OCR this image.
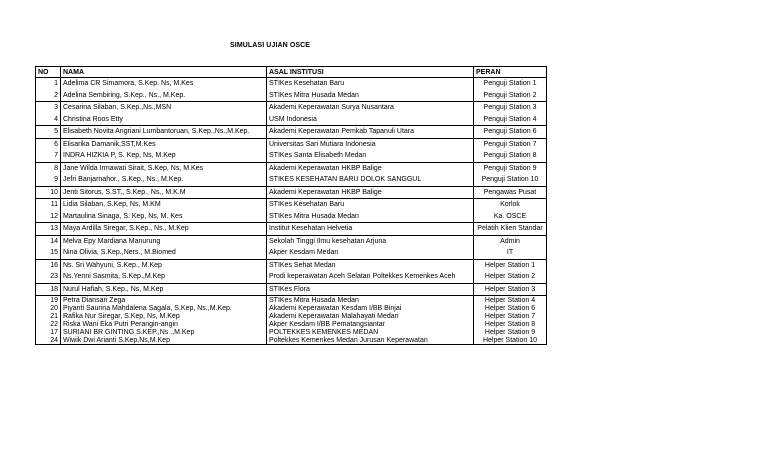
SIMULASI UJIAN OSCE
NO	NAMA	ASAL INSTITUSI	PERAN
1	Adelima CR Simamora, S.Kep. Ns, M.Kes	STIKes Kesehatan Baru	Penguji Station 1
2	Adelina Sembiring, S.Kep., Ns., M.Kep.	STIKes Mitra Husada Medan	Penguji Station 2
3	Cesarina Silaban, S.Kep.,Ns.,MSN	Akademi Keperawatan Surya Nusantara	Penguji Station 3
4	Christina Roos Etty	USM Indonesia	Penguji Station 4
5	Elisabeth Novita Angriani Lumbantoruan, S.Kep.,Ns.,M.Kep.	Akademi Keperawatan Pemkab Tapanuli Utara	Penguji Station 6
6	Elisarika Damanik,SST,M.Kes	Universitas Sari Mutiara Indonesia	Penguji Station 7
7	INDRA HIZKIA P, S. Kep, Ns, M.Kep	STIKes Santa Elisabeth Medan	Penguji Station 8
8	Jane Wilda Irmawati Sirait, S.Kep, Ns, M.Kes	Akademi Keperawatan HKBP Balige	Penguji Station 9
9	Jefri Banjarnahor., S.Kep., Ns., M.Kep.	STIKES KESEHATAN BARU DOLOK SANGGUL	Penguji Station 10
10	Jenti Sitorus, S.ST., S.Kep., Ns., M.K.M	Akademi Keperawatan HKBP Balige	Pengawas Pusat
11	Lidia Silaban, S.Kep, Ns, M.KM	STIKes Kesehatan Baru	Korlok
12	Martaulina Sinaga, S. Kep, Ns, M. Kes	STIKes Mitra Husada Medan	Ka. OSCE
13	Maya Ardilla Siregar, S.Kep., Ns., M.Kep	Institut Kesehatan Helvetia	Pelatih Klien Standar
14	Melva Epy Mardiana Manurung	Sekolah Tinggi Ilmu kesehatan Arjuna	Admin
15	Nina Olivia, S.Kep.,Ners., M.Biomed	Akper Kesdam Medan	IT
16	Ns. Sri Wahyuni, S.Kep., M.Kep	STIKes Sehat Medan	Helper Station 1
23	Ns.Yenni Sasmita, S.Kep.,M.Kep	Prodi keperawatan Aceh Selatan Poltekkes Kemenkes Aceh	Helper Station 2
18	Nurul Hafiah, S.Kep., Ns, M.Kep	STIKes Flora	Helper Station 3
19	Petra Diansari Zega	STIKes Mitra Husada Medan	Helper Station 4
20	Piyanti Saurina Mahdalena Sagala, S.Kep, Ns.,M.Kep.	Akademi Keperawatan Kesdam I/BB Binjai	Helper Station 6
21	Rafika Nur Siregar, S.Kep, Ns, M.Kep	Akademi Keperawatan Malahayati Medan	Helper Station 7
22	Riska Wani Eka Putri Perangin-angin	Akper Kesdam I/BB Pematangsiantar	Helper Station 8
17	SURIANI BR GINTING S.KEP.,Ns .,M.Kep	POLTEKKES KEMENKES MEDAN	Helper Station 9
24	Wiwik Dwi Arianti S.Kep,Ns,M.Kep	Poltekkes Kemenkes Medan Jurusan Keperawatan	Helper Station 10
